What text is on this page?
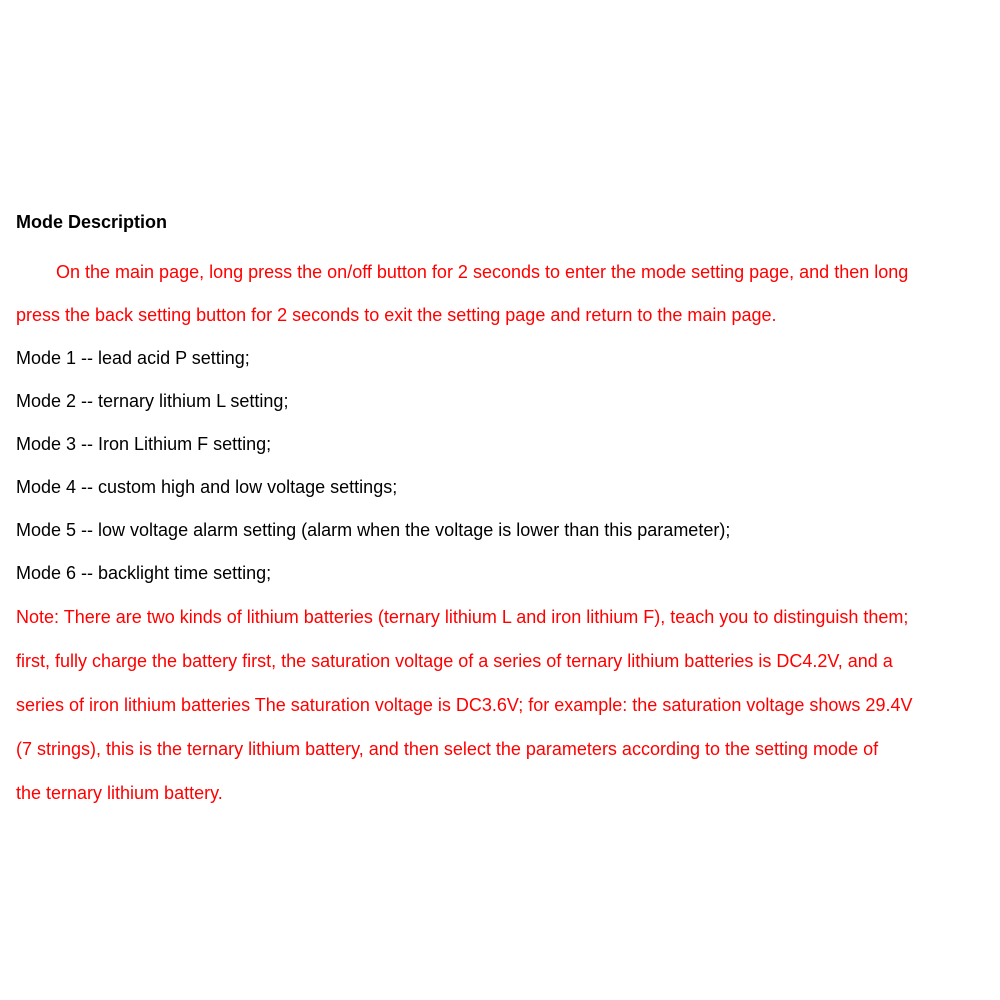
Mode Description

On the main page, long press the on/off button for 2 seconds to enter the mode setting page, and then long
press the back setting button for 2 seconds to exit the setting page and return to the main page.

Mode 1 -- lead acid P setting;
Mode 2 -- ternary lithium L setting;
Mode 3 -- Iron Lithium F setting;
Mode 4 -- custom high and low voltage settings;
Mode 5 -- low voltage alarm setting (alarm when the voltage is lower than this parameter);
Mode 6 -- backlight time setting;

Note: There are two kinds of lithium batteries (ternary lithium L and iron lithium F), teach you to distinguish them;
first, fully charge the battery first, the saturation voltage of a series of ternary lithium batteries is DC4.2V, and a
series of iron lithium batteries The saturation voltage is DC3.6V; for example: the saturation voltage shows 29.4V
(7 strings), this is the ternary lithium battery, and then select the parameters according to the setting mode of
the ternary lithium battery.
